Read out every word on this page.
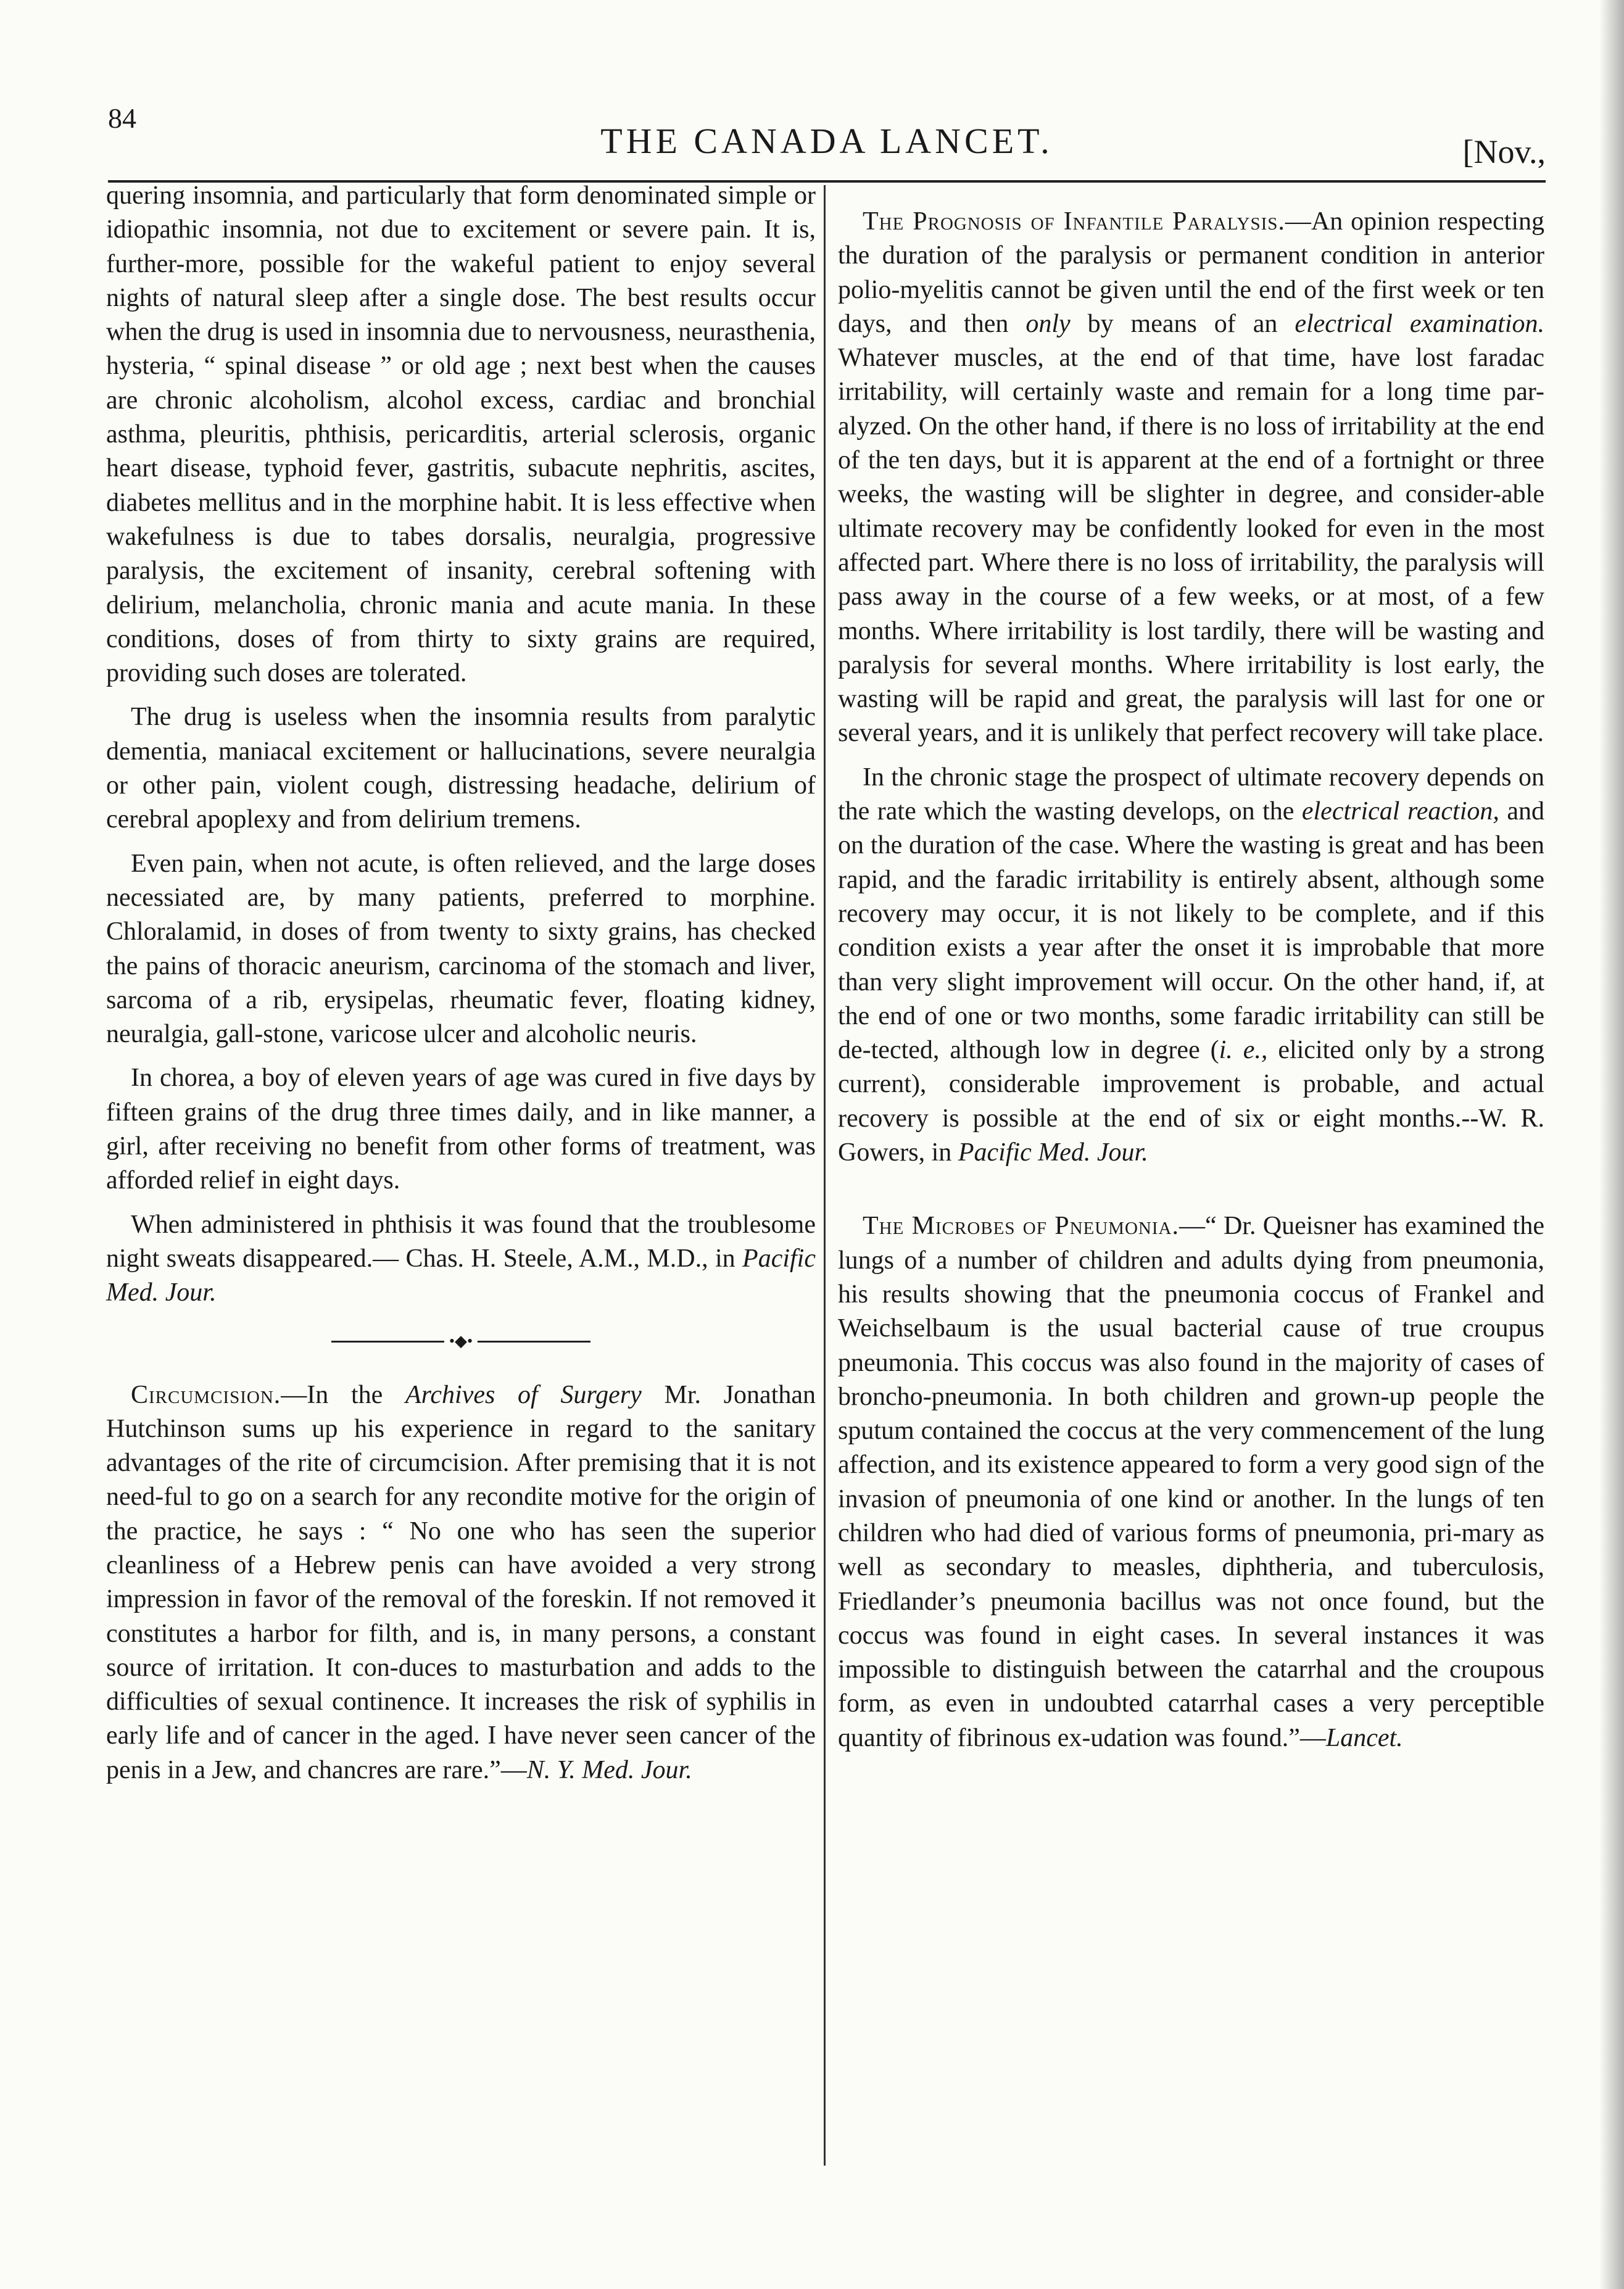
84
THE CANADA LANCET.	[Nov.,

quering insomnia, and particularly that form denominated simple or idiopathic insomnia, not due to excitement or severe pain. It is, further-more, possible for the wakeful patient to enjoy several nights of natural sleep after a single dose. The best results occur when the drug is used in insomnia due to nervousness, neurasthenia, hysteria, “ spinal disease ” or old age ; next best when the causes are chronic alcoholism, alcohol excess, cardiac and bronchial asthma, pleuritis, phthisis, pericarditis, arterial sclerosis, organic heart disease, typhoid fever, gastritis, subacute nephritis, ascites, diabetes mellitus and in the morphine habit. It is less effective when wakefulness is due to tabes dorsalis, neuralgia, progressive paralysis, the excitement of insanity, cerebral softening with delirium, melancholia, chronic mania and acute mania. In these conditions, doses of from thirty to sixty grains are required, providing such doses are tolerated.

The drug is useless when the insomnia results from paralytic dementia, maniacal excitement or hallucinations, severe neuralgia or other pain, violent cough, distressing headache, delirium of cerebral apoplexy and from delirium tremens.

Even pain, when not acute, is often relieved, and the large doses necessiated are, by many patients, preferred to morphine. Chloralamid, in doses of from twenty to sixty grains, has checked the pains of thoracic aneurism, carcinoma of the stomach and liver, sarcoma of a rib, erysipelas, rheumatic fever, floating kidney, neuralgia, gall-stone, varicose ulcer and alcoholic neuris.

In chorea, a boy of eleven years of age was cured in five days by fifteen grains of the drug three times daily, and in like manner, a girl, after receiving no benefit from other forms of treatment, was afforded relief in eight days.

When administered in phthisis it was found that the troublesome night sweats disappeared.— Chas. H. Steele, A.M., M.D., in Pacific Med. Jour.

•◆•

Circumcision.—In the Archives of Surgery Mr. Jonathan Hutchinson sums up his experience in regard to the sanitary advantages of the rite of circumcision. After premising that it is not need-ful to go on a search for any recondite motive for the origin of the practice, he says : “ No one who has seen the superior cleanliness of a Hebrew penis can have avoided a very strong impression in favor of the removal of the foreskin. If not removed it constitutes a harbor for filth, and is, in many persons, a constant source of irritation. It con-duces to masturbation and adds to the difficulties of sexual continence. It increases the risk of syphilis in early life and of cancer in the aged. I have never seen cancer of the penis in a Jew, and chancres are rare.”—N. Y. Med. Jour.

The Prognosis of Infantile Paralysis.—An opinion respecting the duration of the paralysis or permanent condition in anterior polio-myelitis cannot be given until the end of the first week or ten days, and then only by means of an electrical examination. Whatever muscles, at the end of that time, have lost faradac irritability, will certainly waste and remain for a long time par-alyzed. On the other hand, if there is no loss of irritability at the end of the ten days, but it is apparent at the end of a fortnight or three weeks, the wasting will be slighter in degree, and consider-able ultimate recovery may be confidently looked for even in the most affected part. Where there is no loss of irritability, the paralysis will pass away in the course of a few weeks, or at most, of a few months. Where irritability is lost tardily, there will be wasting and paralysis for several months. Where irritability is lost early, the wasting will be rapid and great, the paralysis will last for one or several years, and it is unlikely that perfect recovery will take place.

In the chronic stage the prospect of ultimate recovery depends on the rate which the wasting develops, on the electrical reaction, and on the duration of the case. Where the wasting is great and has been rapid, and the faradic irritability is entirely absent, although some recovery may occur, it is not likely to be complete, and if this condition exists a year after the onset it is improbable that more than very slight improvement will occur. On the other hand, if, at the end of one or two months, some faradic irritability can still be de-tected, although low in degree (i. e., elicited only by a strong current), considerable improvement is probable, and actual recovery is possible at the end of six or eight months.--W. R. Gowers, in Pacific Med. Jour.

The Microbes of Pneumonia.—“ Dr. Queisner has examined the lungs of a number of children and adults dying from pneumonia, his results showing that the pneumonia coccus of Frankel and Weichselbaum is the usual bacterial cause of true croupus pneumonia. This coccus was also found in the majority of cases of broncho-pneumonia. In both children and grown-up people the sputum contained the coccus at the very commencement of the lung affection, and its existence appeared to form a very good sign of the invasion of pneumonia of one kind or another. In the lungs of ten children who had died of various forms of pneumonia, pri-mary as well as secondary to measles, diphtheria, and tuberculosis, Friedlander’s pneumonia bacillus was not once found, but the coccus was found in eight cases. In several instances it was impossible to distinguish between the catarrhal and the croupous form, as even in undoubted catarrhal cases a very perceptible quantity of fibrinous ex-udation was found.”—Lancet.
